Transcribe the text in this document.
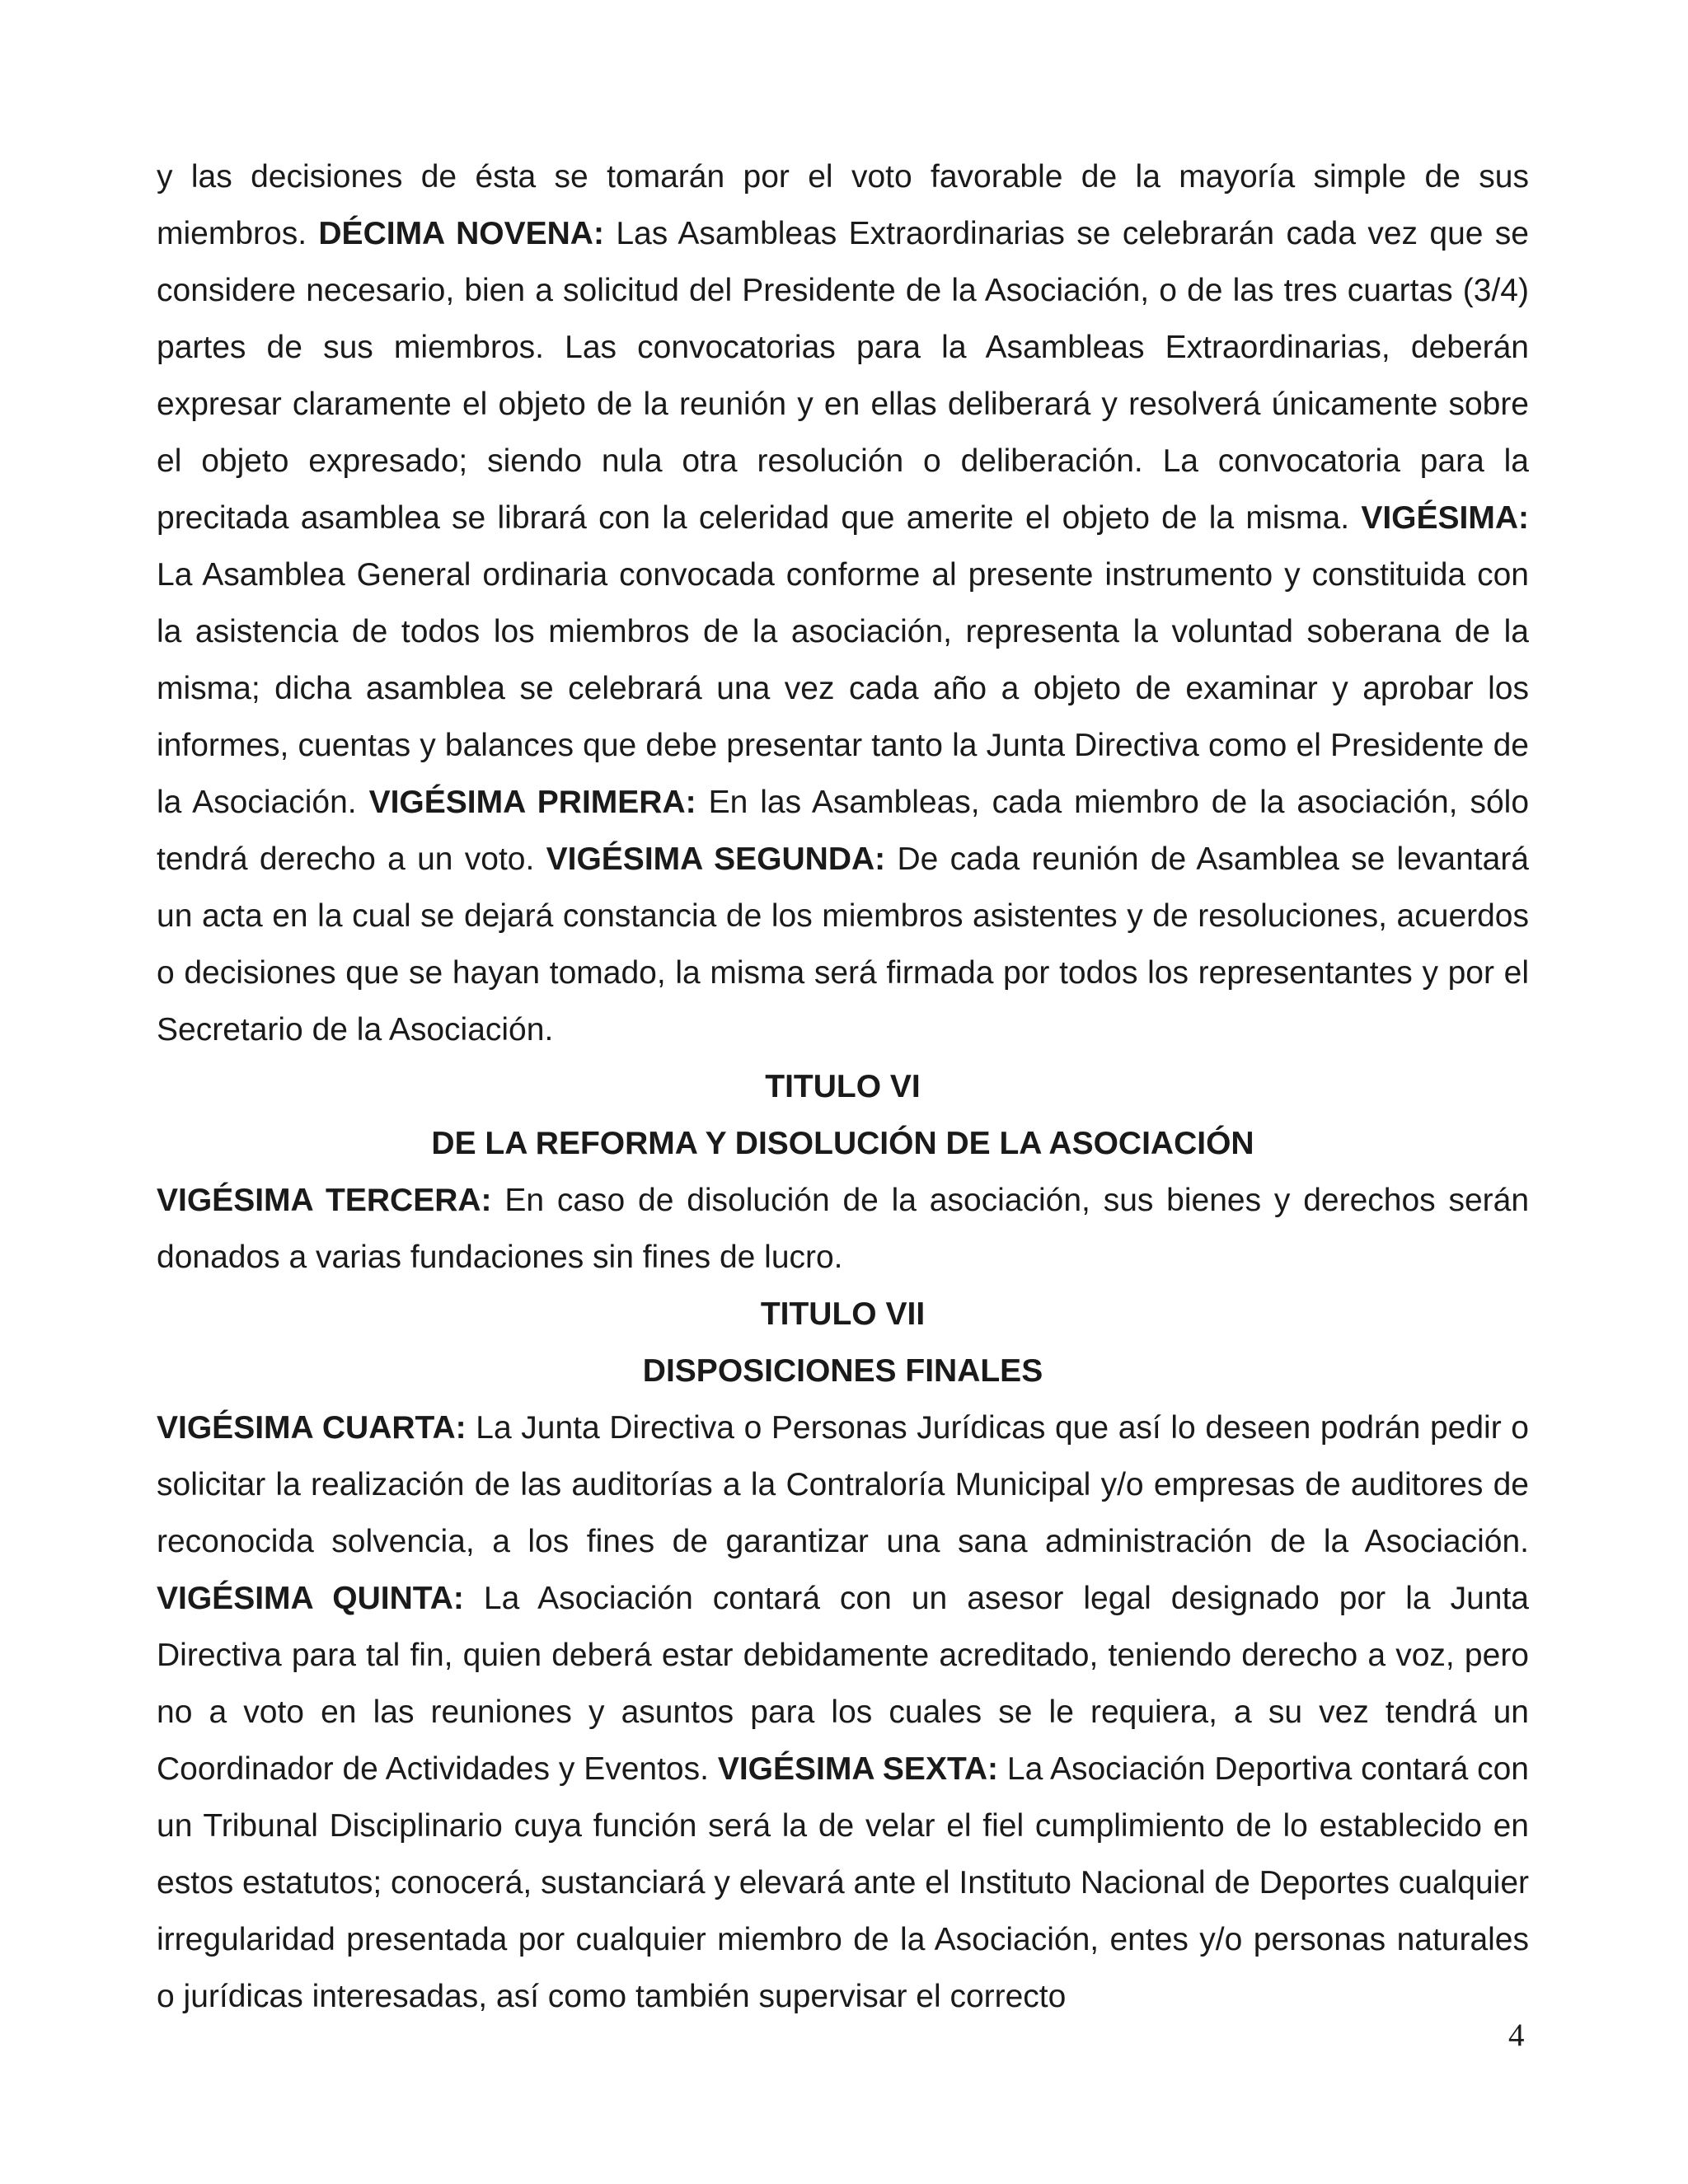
y las decisiones de ésta se tomarán por el voto favorable de la mayoría simple de sus miembros. DÉCIMA NOVENA: Las Asambleas Extraordinarias se celebrarán cada vez que se considere necesario, bien a solicitud del Presidente de la Asociación, o de las tres cuartas (3/4) partes de sus miembros. Las convocatorias para la Asambleas Extraordinarias, deberán expresar claramente el objeto de la reunión y en ellas deliberará y resolverá únicamente sobre el objeto expresado; siendo nula otra resolución o deliberación. La convocatoria para la precitada asamblea se librará con la celeridad que amerite el objeto de la misma. VIGÉSIMA: La Asamblea General ordinaria convocada conforme al presente instrumento y constituida con la asistencia de todos los miembros de la asociación, representa la voluntad soberana de la misma; dicha asamblea se celebrará una vez cada año a objeto de examinar y aprobar los informes, cuentas y balances que debe presentar tanto la Junta Directiva como el Presidente de la Asociación. VIGÉSIMA PRIMERA: En las Asambleas, cada miembro de la asociación, sólo tendrá derecho a un voto. VIGÉSIMA SEGUNDA: De cada reunión de Asamblea se levantará un acta en la cual se dejará constancia de los miembros asistentes y de resoluciones, acuerdos o decisiones que se hayan tomado, la misma será firmada por todos los representantes y por el Secretario de la Asociación.

TITULO VI

DE LA REFORMA Y DISOLUCIÓN DE LA ASOCIACIÓN

VIGÉSIMA TERCERA: En caso de disolución de la asociación, sus bienes y derechos serán donados a varias fundaciones sin fines de lucro.

TITULO VII

DISPOSICIONES FINALES

VIGÉSIMA CUARTA: La Junta Directiva o Personas Jurídicas que así lo deseen podrán pedir o solicitar la realización de las auditorías a la Contraloría Municipal y/o empresas de auditores de reconocida solvencia, a los fines de garantizar una sana administración de la Asociación. VIGÉSIMA QUINTA: La Asociación contará con un asesor legal designado por la Junta Directiva para tal fin, quien deberá estar debidamente acreditado, teniendo derecho a voz, pero no a voto en las reuniones y asuntos para los cuales se le requiera, a su vez tendrá un Coordinador de Actividades y Eventos. VIGÉSIMA SEXTA: La Asociación Deportiva contará con un Tribunal Disciplinario cuya función será la de velar el fiel cumplimiento de lo establecido en estos estatutos; conocerá, sustanciará y elevará ante el Instituto Nacional de Deportes cualquier irregularidad presentada por cualquier miembro de la Asociación, entes y/o personas naturales o jurídicas interesadas, así como también supervisar el correcto

4
